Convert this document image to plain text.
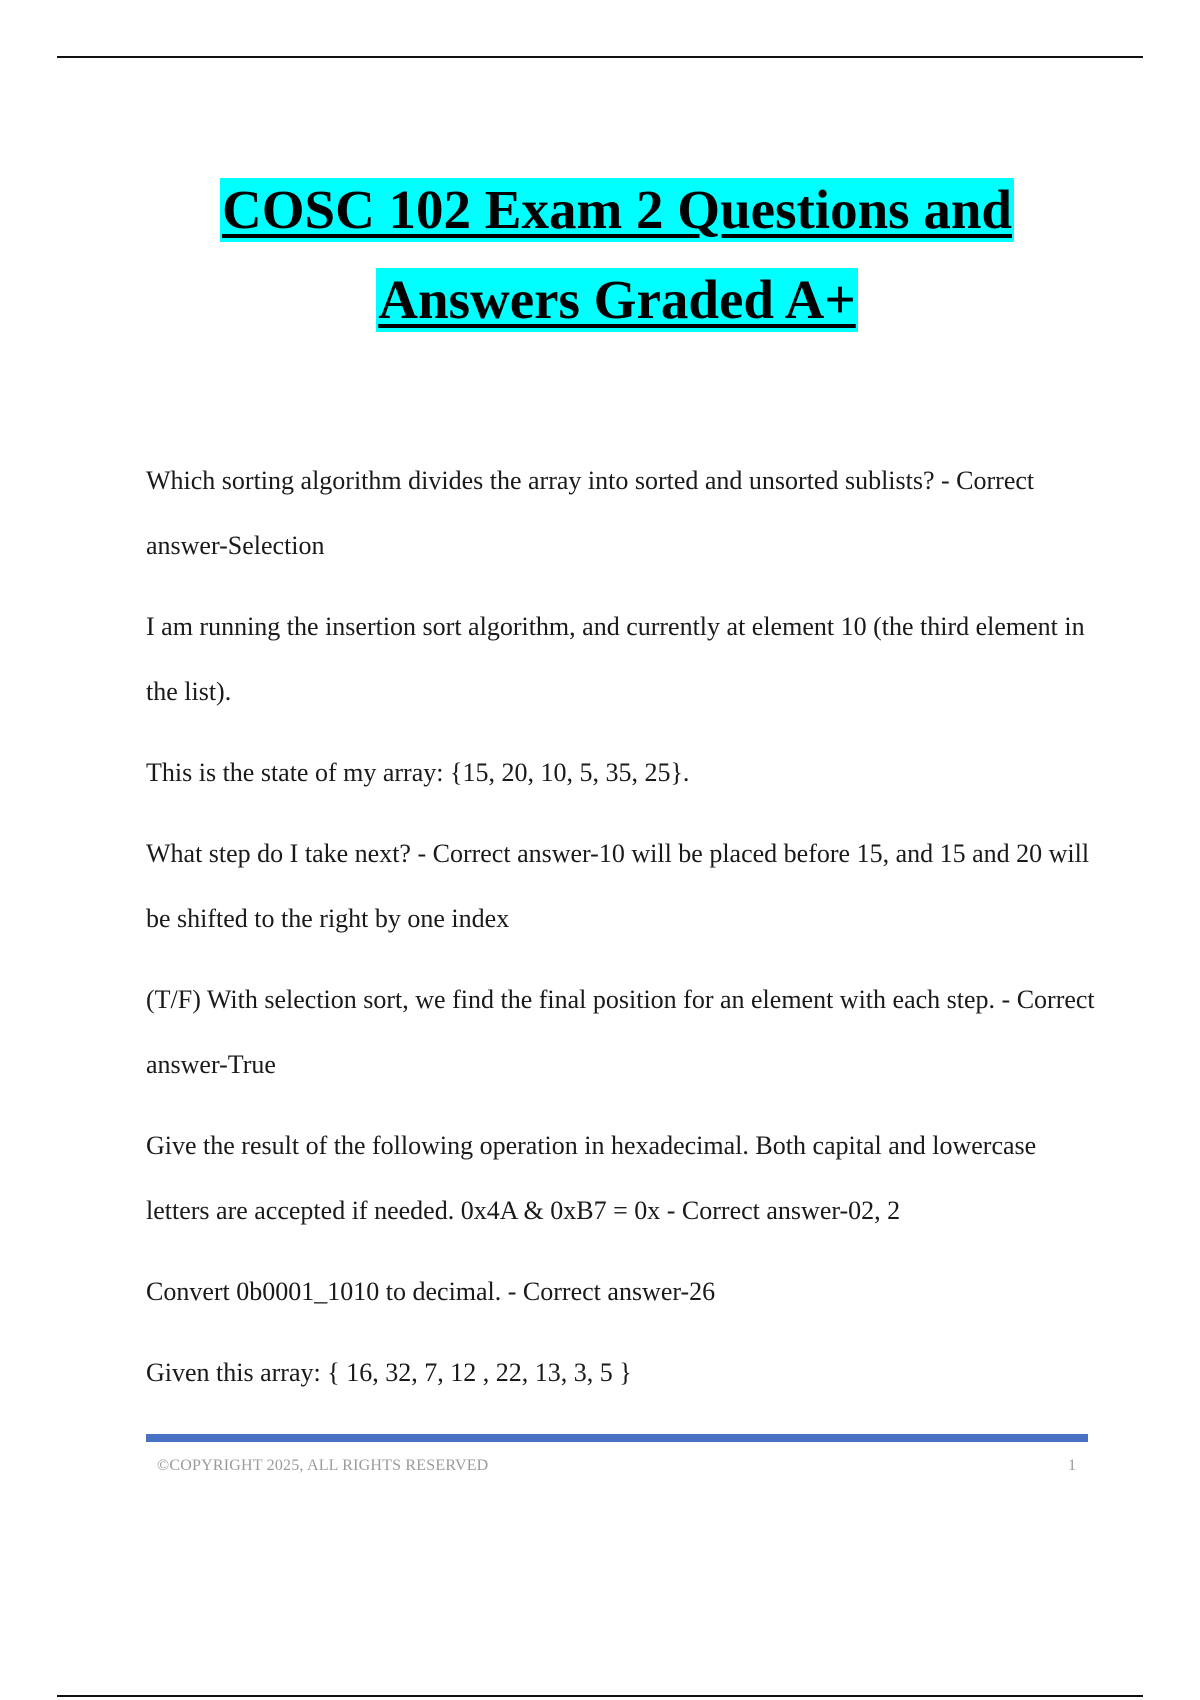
COSC 102 Exam 2 Questions and
Answers Graded A+

Which sorting algorithm divides the array into sorted and unsorted sublists? - Correct answer-Selection

I am running the insertion sort algorithm, and currently at element 10 (the third element in the list).

This is the state of my array: {15, 20, 10, 5, 35, 25}.

What step do I take next? - Correct answer-10 will be placed before 15, and 15 and 20 will be shifted to the right by one index

(T/F) With selection sort, we find the final position for an element with each step. - Correct answer-True

Give the result of the following operation in hexadecimal. Both capital and lowercase letters are accepted if needed. 0x4A & 0xB7 = 0x - Correct answer-02, 2

Convert 0b0001_1010 to decimal. - Correct answer-26

Given this array: { 16, 32, 7, 12 , 22, 13, 3, 5 }

©COPYRIGHT 2025, ALL RIGHTS RESERVED	1
